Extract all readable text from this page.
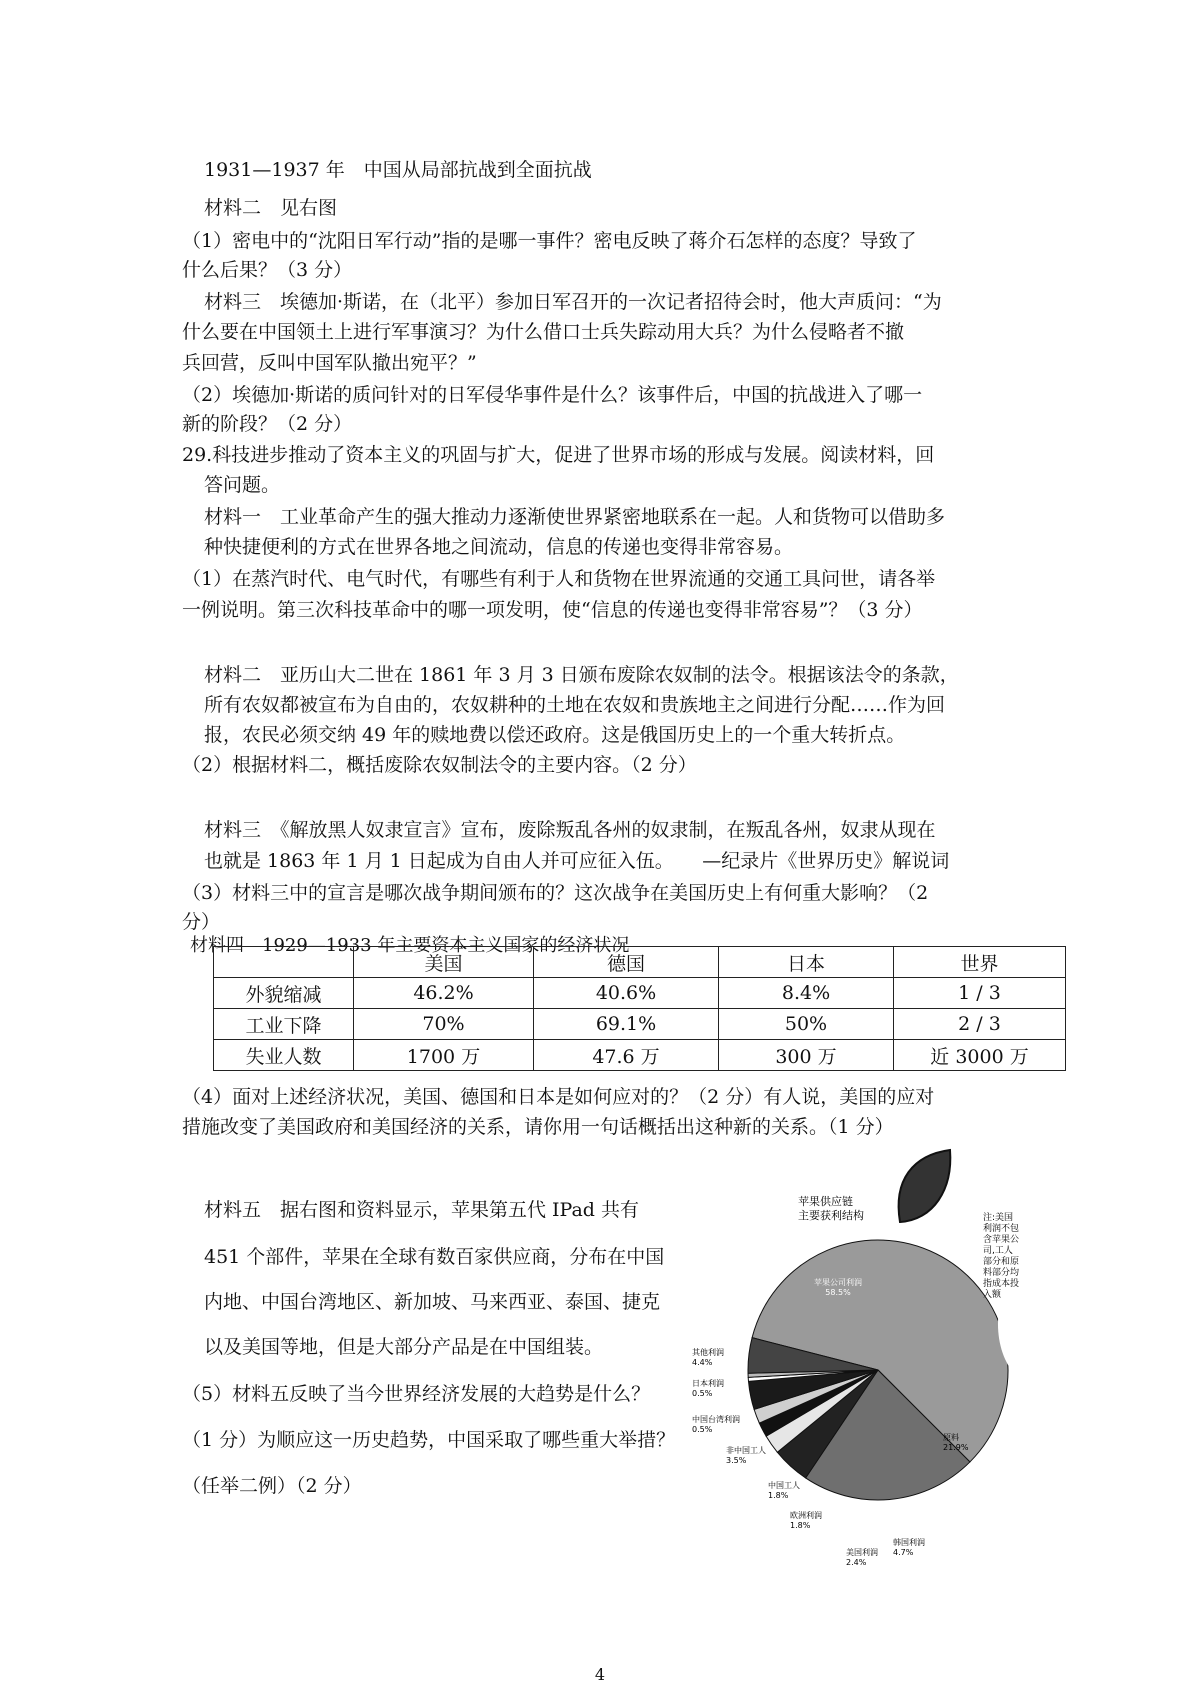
1931—1937 年　中国从局部抗战到全面抗战
材料二　见右图
（1）密电中的“沈阳日军行动”指的是哪一事件？密电反映了蒋介石怎样的态度？导致了
什么后果？（3 分）
材料三　埃德加·斯诺，在（北平）参加日军召开的一次记者招待会时，他大声质问：“为
什么要在中国领土上进行军事演习？为什么借口士兵失踪动用大兵？为什么侵略者不撤
兵回营，反叫中国军队撤出宛平？”
（2）埃德加·斯诺的质问针对的日军侵华事件是什么？该事件后，中国的抗战进入了哪一
新的阶段？（2 分）
29.科技进步推动了资本主义的巩固与扩大，促进了世界市场的形成与发展。阅读材料，回
答问题。
材料一　工业革命产生的强大推动力逐渐使世界紧密地联系在一起。人和货物可以借助多
种快捷便利的方式在世界各地之间流动，信息的传递也变得非常容易。
（1）在蒸汽时代、电气时代，有哪些有利于人和货物在世界流通的交通工具问世，请各举
一例说明。第三次科技革命中的哪一项发明，使“信息的传递也变得非常容易”？（3 分）
材料二　亚历山大二世在 1861 年 3 月 3 日颁布废除农奴制的法令。根据该法令的条款，
所有农奴都被宣布为自由的，农奴耕种的土地在农奴和贵族地主之间进行分配……作为回
报，农民必须交纳 49 年的赎地费以偿还政府。这是俄国历史上的一个重大转折点。
（2）根据材料二，概括废除农奴制法令的主要内容。（2 分）
材料三　《解放黑人奴隶宣言》宣布，废除叛乱各州的奴隶制，在叛乱各州，奴隶从现在
也就是 1863 年 1 月 1 日起成为自由人并可应征入伍。　　—纪录片《世界历史》解说词
（3）材料三中的宣言是哪次战争期间颁布的？这次战争在美国历史上有何重大影响？（2
分）
材料四　1929—1933 年主要资本主义国家的经济状况
	美国	德国	日本	世界
外貌缩减	46.2%	40.6%	8.4%	1 / 3
工业下降	70%	69.1%	50%	2 / 3
失业人数	1700 万	47.6 万	300 万	近 3000 万
（4）面对上述经济状况，美国、德国和日本是如何应对的？（2 分）有人说，美国的应对
措施改变了美国政府和美国经济的关系，请你用一句话概括出这种新的关系。（1 分）
材料五　据右图和资料显示，苹果第五代 IPad 共有
451 个部件，苹果在全球有数百家供应商，分布在中国
内地、中国台湾地区、新加坡、马来西亚、泰国、捷克
以及美国等地，但是大部分产品是在中国组装。
（5）材料五反映了当今世界经济发展的大趋势是什么？
（1 分）为顺应这一历史趋势，中国采取了哪些重大举措？
（任举二例）（2 分）
苹果供应链 主要获利结构	注:美国利润不包含苹果公司,工人部分和原料部分均指成本投入额
苹果公司利润 58.5%
原料 21.9%
韩国利润 4.7%
美国利润 2.4%
欧洲利润 1.8%
中国工人 1.8%
非中国工人 3.5%
中国台湾利润 0.5%
日本利润 0.5%
其他利润 4.4%
4
